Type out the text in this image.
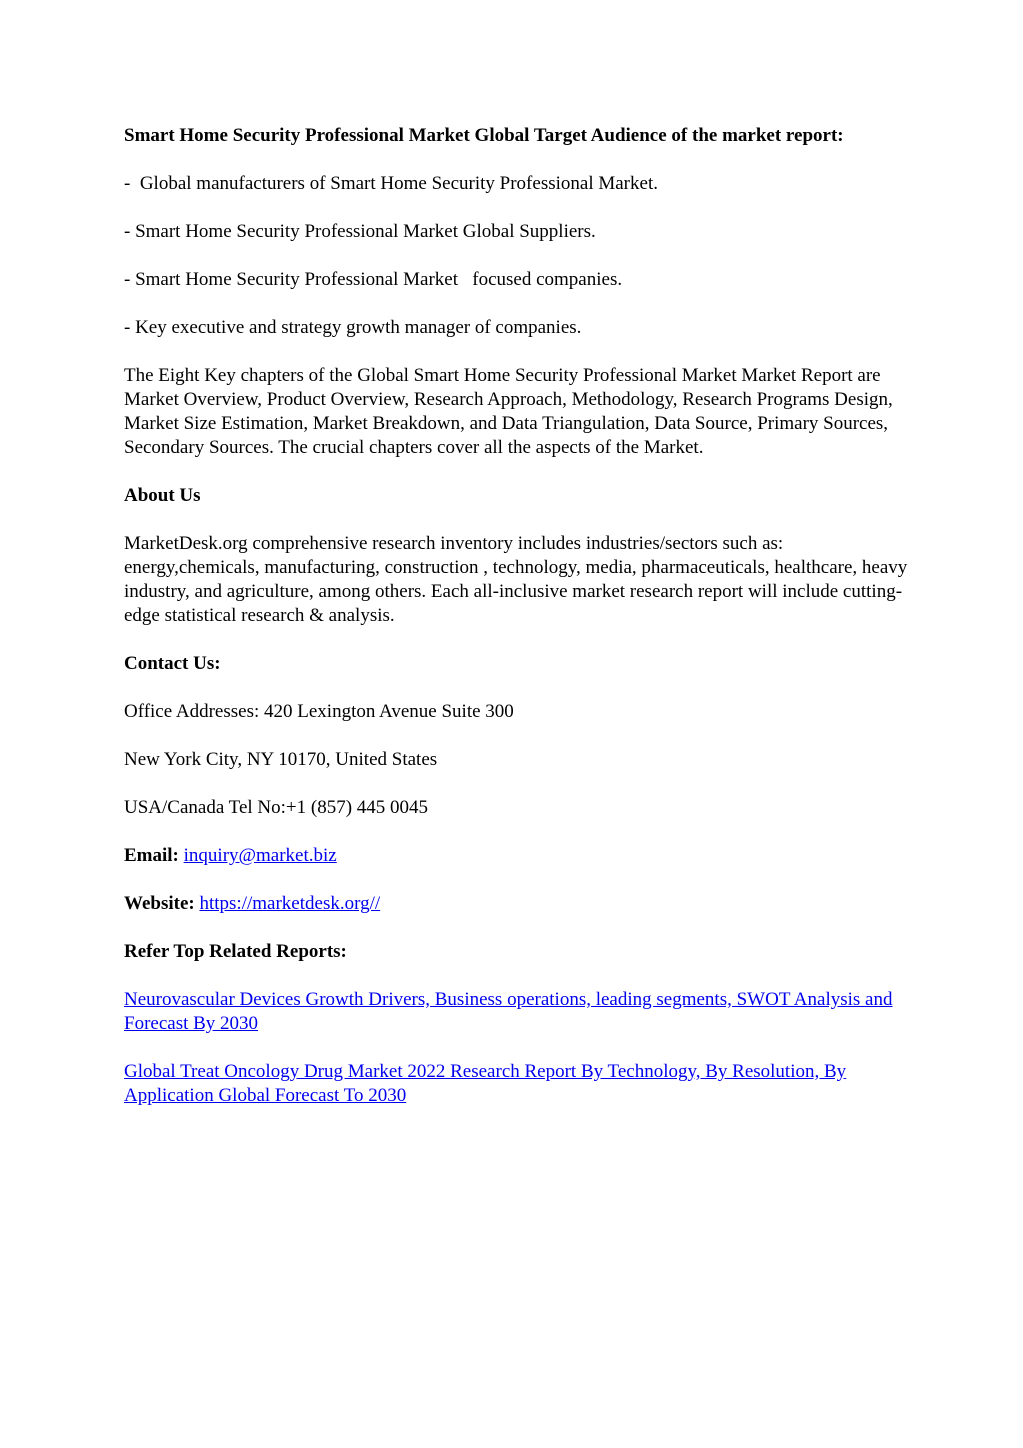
Smart Home Security Professional Market Global Target Audience of the market report:

-  Global manufacturers of Smart Home Security Professional Market.

- Smart Home Security Professional Market Global Suppliers.

- Smart Home Security Professional Market   focused companies.

- Key executive and strategy growth manager of companies.

The Eight Key chapters of the Global Smart Home Security Professional Market Market Report are Market Overview, Product Overview, Research Approach, Methodology, Research Programs Design, Market Size Estimation, Market Breakdown, and Data Triangulation, Data Source, Primary Sources, Secondary Sources. The crucial chapters cover all the aspects of the Market.

About Us

MarketDesk.org comprehensive research inventory includes industries/sectors such as: energy,chemicals, manufacturing, construction , technology, media, pharmaceuticals, healthcare, heavy industry, and agriculture, among others. Each all-inclusive market research report will include cutting-edge statistical research & analysis.

Contact Us:

Office Addresses: 420 Lexington Avenue Suite 300

New York City, NY 10170, United States

USA/Canada Tel No:+1 (857) 445 0045

Email: inquiry@market.biz

Website: https://marketdesk.org//

Refer Top Related Reports:

Neurovascular Devices Growth Drivers, Business operations, leading segments, SWOT Analysis and Forecast By 2030

Global Treat Oncology Drug Market 2022 Research Report By Technology, By Resolution, By Application Global Forecast To 2030
